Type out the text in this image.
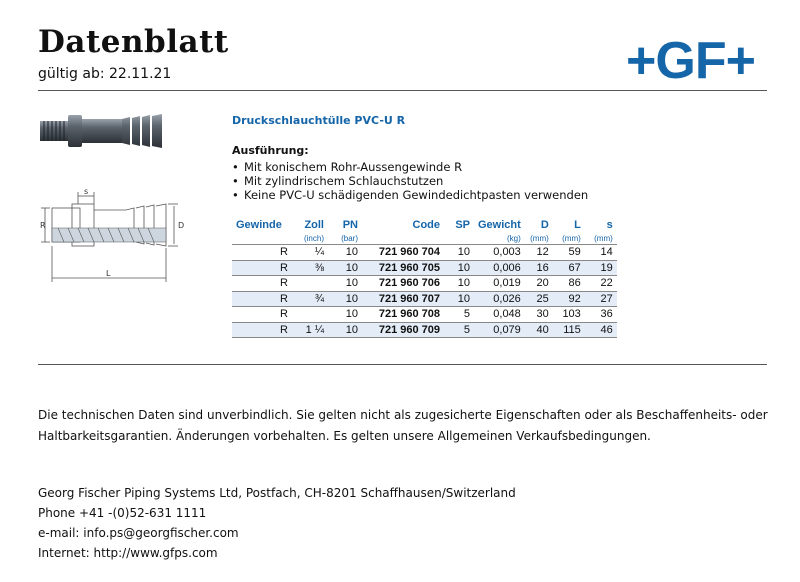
Datenblatt
gültig ab: 22.11.21	+GF+
s
R	D
L
Druckschlauchtülle PVC-U R
Ausführung:
• Mit konischem Rohr-Aussengewinde R
• Mit zylindrischem Schlauchstutzen
• Keine PVC-U schädigenden Gewindedichtpasten verwenden
Gewinde	Zoll	PN	Code	SP	Gewicht	D	L	s
	(inch)	(bar)			(kg)	(mm)	(mm)	(mm)
R	¼	10	721 960 704	10	0,003	12	59	14
R	⅜	10	721 960 705	10	0,006	16	67	19
R		10	721 960 706	10	0,019	20	86	22
R	¾	10	721 960 707	10	0,026	25	92	27
R		10	721 960 708	5	0,048	30	103	36
R	1 ¼	10	721 960 709	5	0,079	40	115	46
Die technischen Daten sind unverbindlich. Sie gelten nicht als zugesicherte Eigenschaften oder als Beschaffenheits- oder Haltbarkeitsgarantien. Änderungen vorbehalten. Es gelten unsere Allgemeinen Verkaufsbedingungen.
Georg Fischer Piping Systems Ltd, Postfach, CH-8201 Schaffhausen/Switzerland
Phone +41 -(0)52-631 1111
e-mail: info.ps@georgfischer.com
Internet: http://www.gfps.com
